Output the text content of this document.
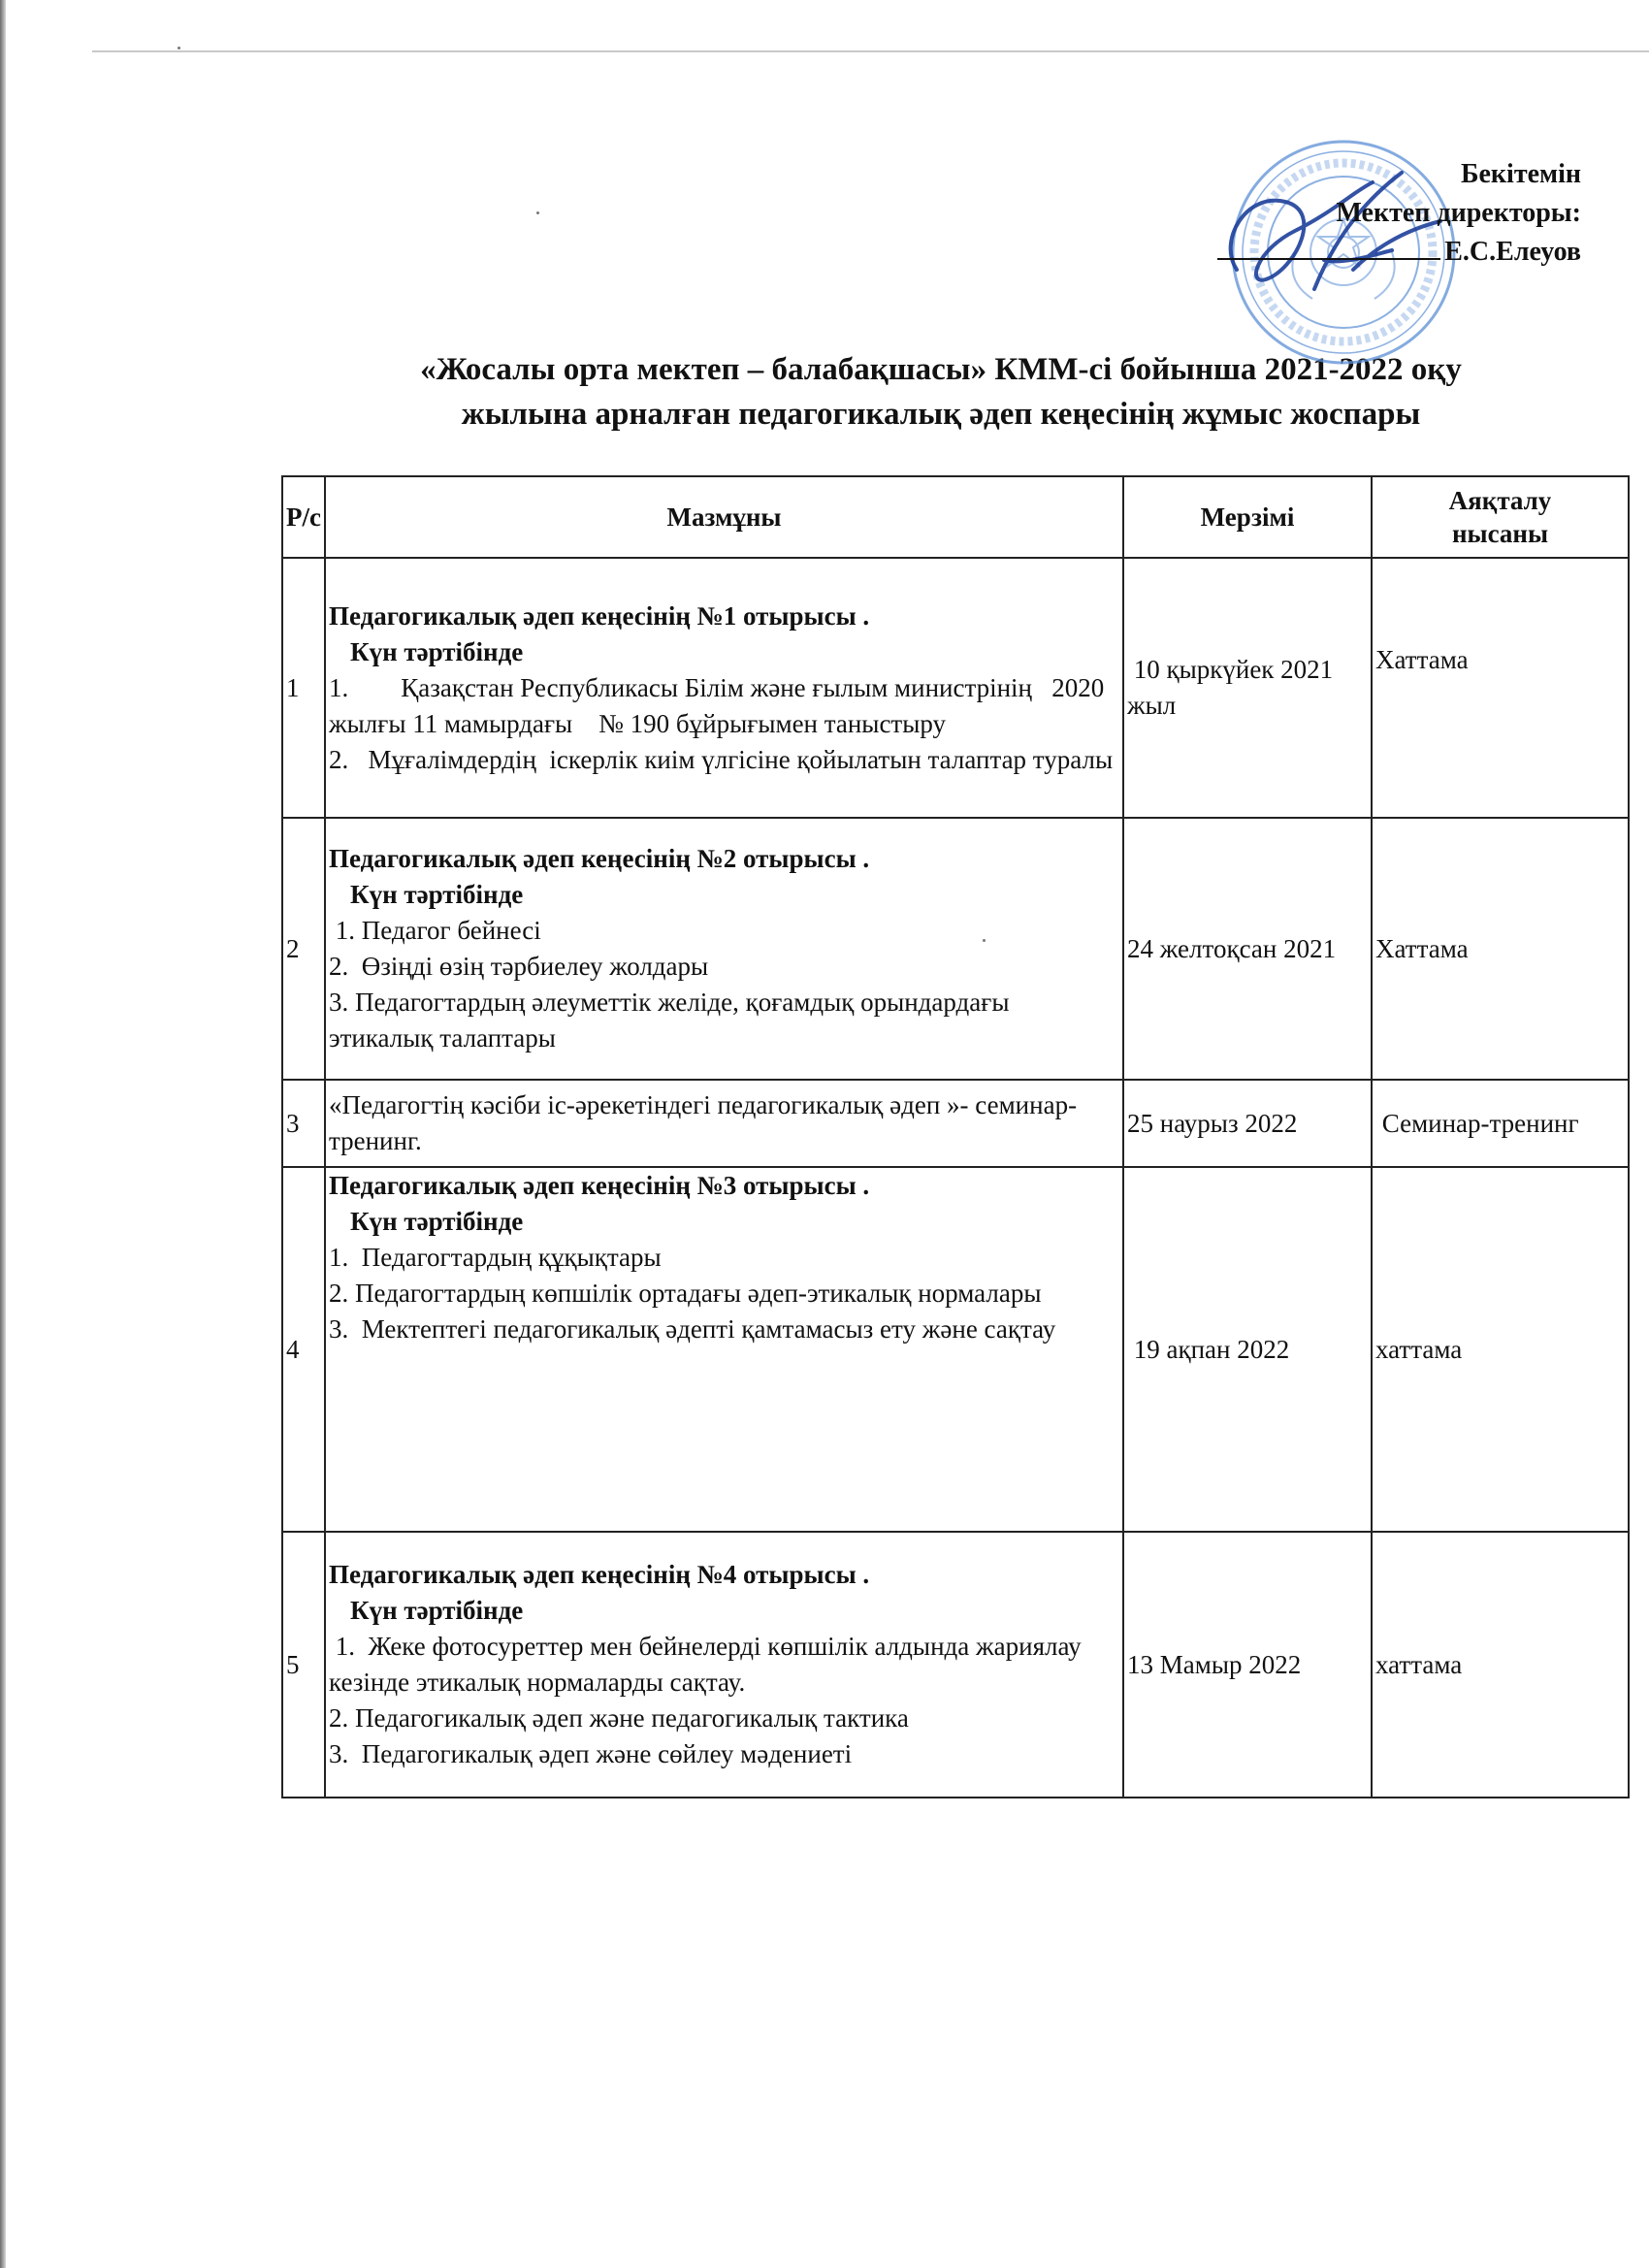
Бекітемін
Мектеп директоры:
Е.С.Елеуов
«Жосалы орта мектеп – балабақшасы» КММ-сі бойынша 2021-2022 оқу
жылына арналған педагогикалық әдеп кеңесінің жұмыс жоспары
Р/с	Мазмұны	Мерзімі	Аяқталу
нысаны

1	Педагогикалық әдеп кеңесінің №1 отырысы .
Күн тәртібінде
1.        Қазақстан Республикасы Білім және ғылым министрінің   2020 жылғы 11 мамырдағы    № 190 бұйрығымен таныстыру
2.   Мұғалімдердің  іскерлік киім үлгісіне қойылатын талаптар туралы	10 қыркүйек 2021 жыл	Хаттама
2	Педагогикалық әдеп кеңесінің №2 отырысы .
Күн тәртібінде
1. Педагог бейнесі
2.  Өзіңді өзің тәрбиелеу жолдары
3. Педагогтардың әлеуметтік желіде, қоғамдық орындардағы этикалық талаптары	24 желтоқсан 2021	Хаттама
3	«Педагогтің кәсіби іс-әрекетіндегі педагогикалық әдеп »- семинар-тренинг.	25 наурыз 2022	Семинар-тренинг
4	Педагогикалық әдеп кеңесінің №3 отырысы .
Күн тәртібінде
1.  Педагогтардың құқықтары
2. Педагогтардың көпшілік ортадағы әдеп-этикалық нормалары
3.  Мектептегі педагогикалық әдепті қамтамасыз ету және сақтау	19 ақпан 2022	хаттама
5	Педагогикалық әдеп кеңесінің №4 отырысы .
Күн тәртібінде
1.  Жеке фотосуреттер мен бейнелерді көпшілік алдында жариялау кезінде этикалық нормаларды сақтау.
2. Педагогикалық әдеп және педагогикалық тактика
3.  Педагогикалық әдеп және сөйлеу мәдениеті	13 Мамыр 2022	хаттама
